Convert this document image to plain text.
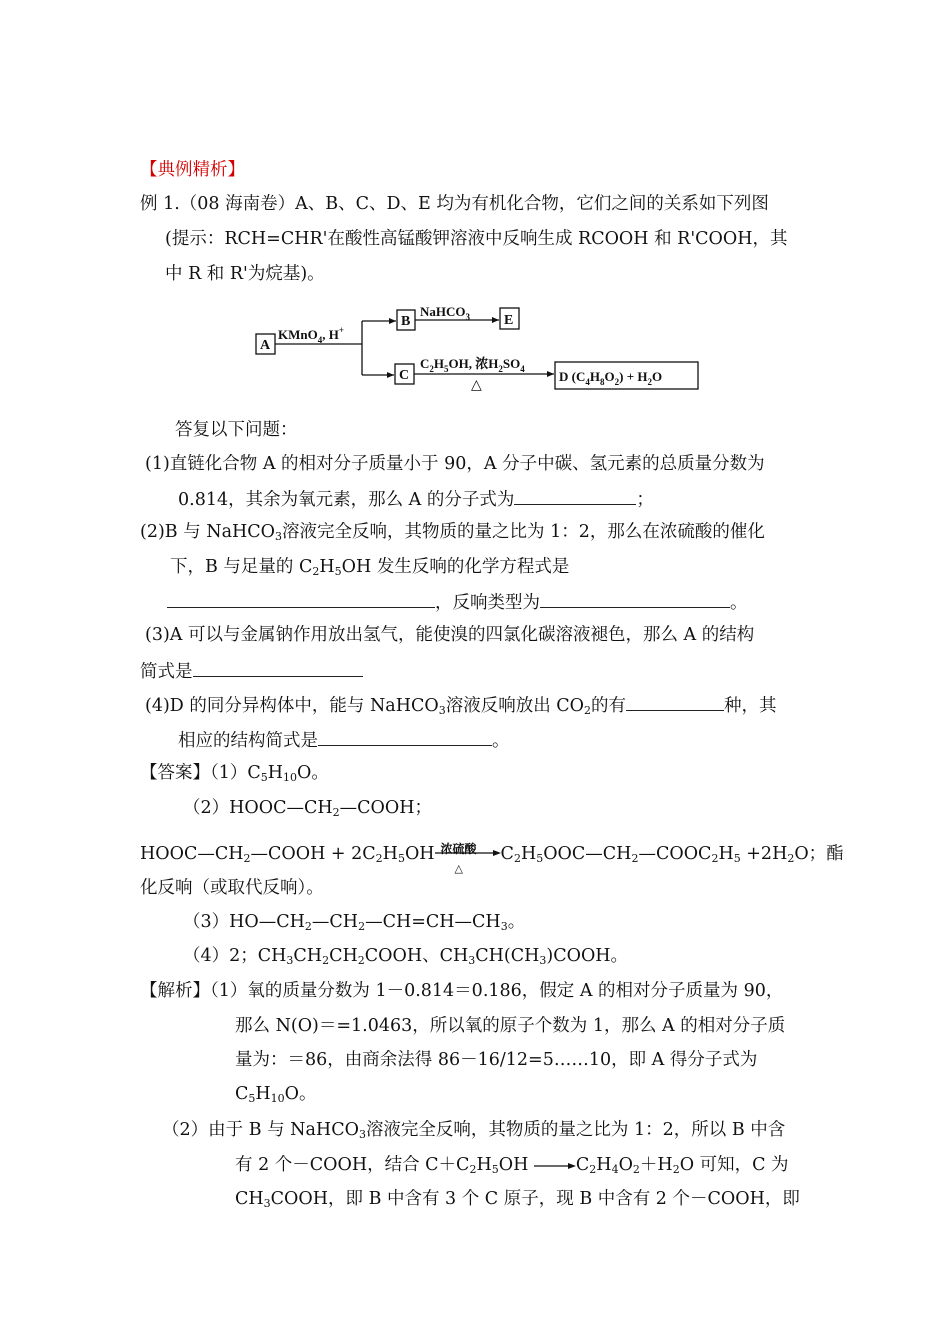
【典例精析】
例 1.（08 海南卷）A、B、C、D、E 均为有机化合物，它们之间的关系如下列图
(提示：RCH=CHR'在酸性高锰酸钾溶液中反响生成 RCOOH 和 R'COOH，其
中 R 和 R'为烷基)。
A
B	E
C
KMnO$_4$, H+
NaHCO$_3$
$C_2H_5OH$, 浓$H_2SO_4$
△
D $(C_4H_8O_2) + H_2O$
答复以下问题：
(1)直链化合物 A 的相对分子质量小于 90，A 分子中碳、氢元素的总质量分数为
0.814，其余为氧元素，那么 A 的分子式为	；
(2)B 与 NaHCO$_3$溶液完全反响，其物质的量之比为 1：2，那么在浓硫酸的催化
下，B 与足量的 $C_2H_5OH$ 发生反响的化学方程式是
，反响类型为	。
(3)A 可以与金属钠作用放出氢气，能使溴的四氯化碳溶液褪色，那么 A 的结构
简式是
(4)D 的同分异构体中，能与 NaHCO$_3$溶液反响放出 $CO_2$的有	种，其
相应的结构简式是	。
【答案】$(1)C_5H_{10}O$。
$(2)HOOC—CH_2—COOH$；
$HOOC—CH_2—COOH + 2C_2H_5OH$ 浓硫酸
△
$C_2H_5OOC—CH_2—COOC_2H_5 +2H_2O$；酯
化反响（或取代反响）。
$(3)HO—CH_2—CH_2—CH=CH—CH_3$。
（4）2；$CH_3CH_2CH_2COOH$、$CH_3CH(CH_3)COOH$。
【解析】（1）氧的质量分数为 1－0.814＝0.186，假定 A 的相对分子质量为 90，
那么 N(O)＝=1.0463，所以氧的原子个数为 1，那么 A 的相对分子质
量为：＝86，由商余法得 86－16/12=5……10，即 A 得分子式为
$C_5H_{10}O$。
（2）由于 B 与 NaHCO$_3$溶液完全反响，其物质的量之比为 1：2，所以 B 中含
有 2 个－COOH，结合 $C+C_2H_5OH$	$C_2H_4O_2+H_2O$ 可知，C 为
$CH_3COOH$，即 B 中含有 3 个 C 原子，现 B 中含有 2 个－COOH，即
